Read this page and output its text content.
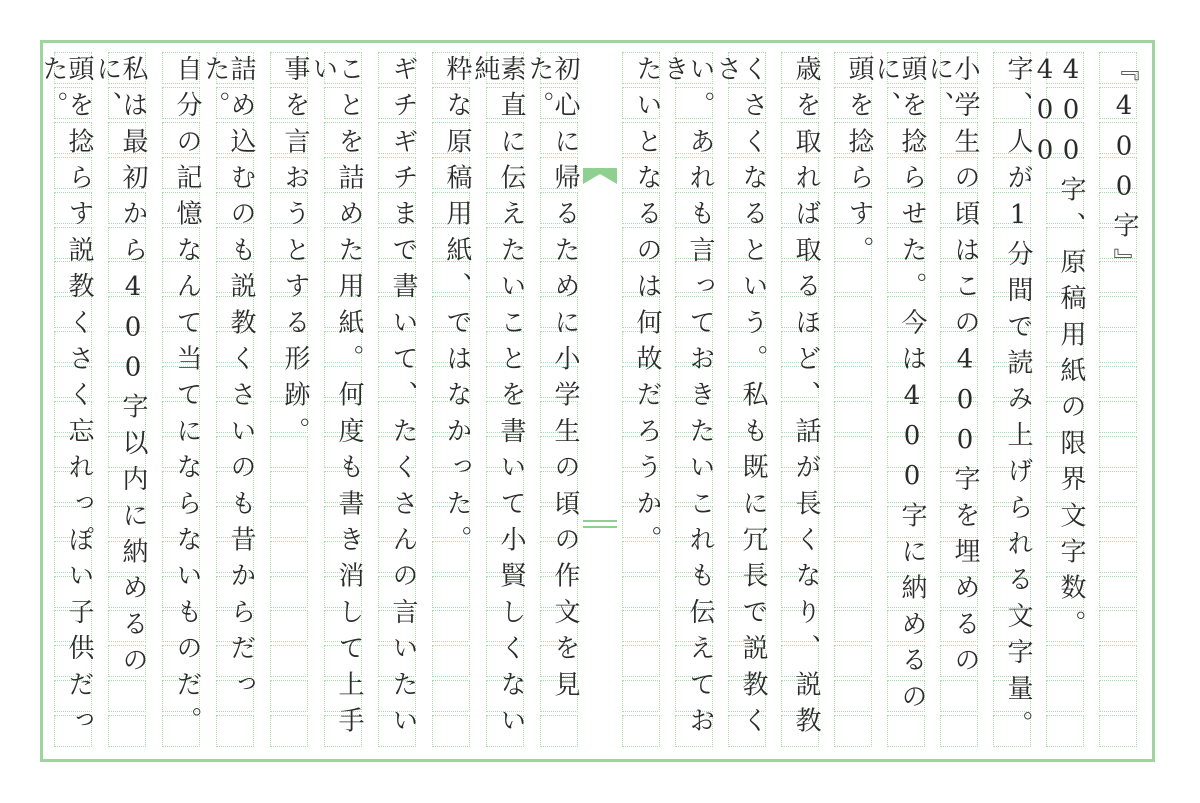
『400字』
400字、原稿用紙の限界文字数。400
字、人が1分間で読み上げられる文字量。
小学生の頃はこの400字を埋めるのに、
頭を捻らせた。今は400字に納めるのに、
頭を捻らす。
歳を取れば取るほど、話が長くなり、説教
くさくなるという。私も既に冗長で説教くさ
い。あれも言っておきたいこれも伝えておき
たいとなるのは何故だろうか。
初心に帰るために小学生の頃の作文を見た。
素直に伝えたいことを書いて小賢しくない純
粋な原稿用紙、ではなかった。
ギチギチまで書いて、たくさんの言いたい
ことを詰めた用紙。何度も書き消して上手い
事を言おうとする形跡。
詰め込むのも説教くさいのも昔からだった。
自分の記憶なんて当てにならないものだ。
私は最初から400字以内に納めるのに、
頭を捻らす説教くさく忘れっぽい子供だった。
